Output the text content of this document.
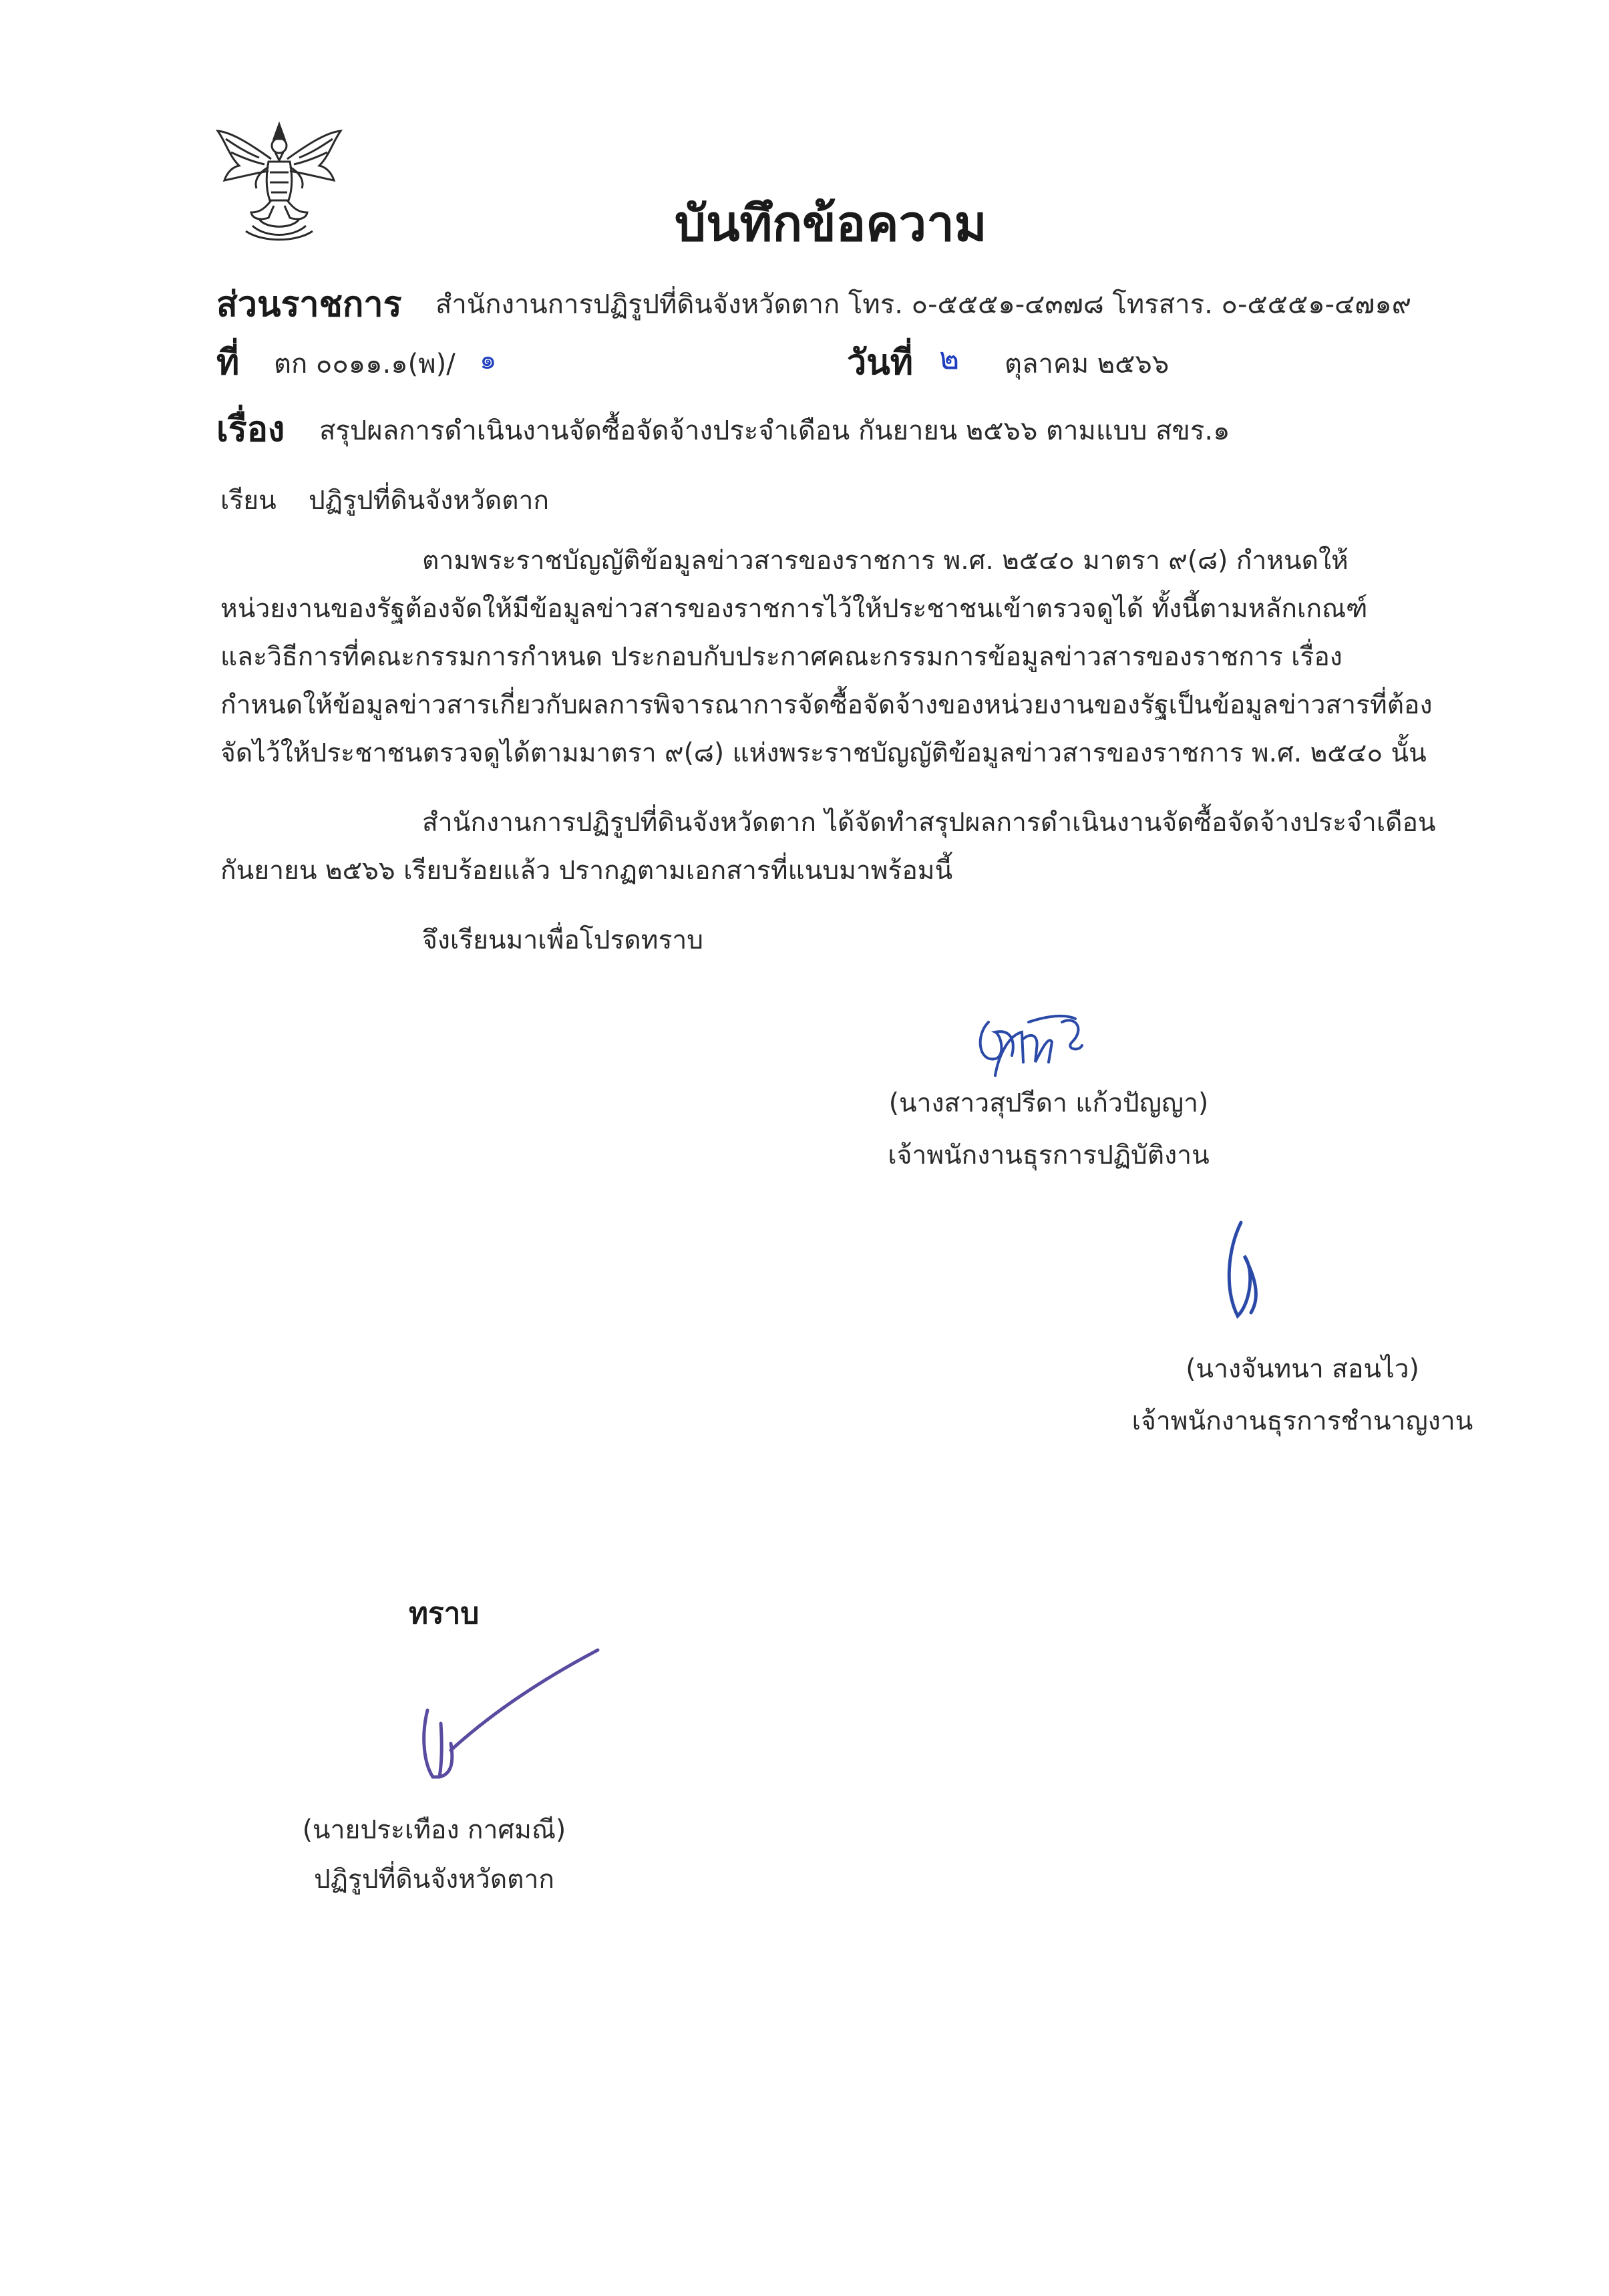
บันทึกข้อความ
ส่วนราชการ สำนักงานการปฏิรูปที่ดินจังหวัดตาก โทร. ๐-๕๕๕๑-๔๓๗๘ โทรสาร. ๐-๕๕๕๑-๔๗๑๙
ที่ ตก ๐๐๑๑.๑(พ)/ ๑	วันที่ ๒ ตุลาคม ๒๕๖๖
เรื่อง สรุปผลการดำเนินงานจัดซื้อจัดจ้างประจำเดือน กันยายน ๒๕๖๖ ตามแบบ สขร.๑
เรียน ปฏิรูปที่ดินจังหวัดตาก
ตามพระราชบัญญัติข้อมูลข่าวสารของราชการ พ.ศ. ๒๕๔๐ มาตรา ๙(๘) กำหนดให้
หน่วยงานของรัฐต้องจัดให้มีข้อมูลข่าวสารของราชการไว้ให้ประชาชนเข้าตรวจดูได้ ทั้งนี้ตามหลักเกณฑ์
และวิธีการที่คณะกรรมการกำหนด ประกอบกับประกาศคณะกรรมการข้อมูลข่าวสารของราชการ เรื่อง
กำหนดให้ข้อมูลข่าวสารเกี่ยวกับผลการพิจารณาการจัดซื้อจัดจ้างของหน่วยงานของรัฐเป็นข้อมูลข่าวสารที่ต้อง
จัดไว้ให้ประชาชนตรวจดูได้ตามมาตรา ๙(๘) แห่งพระราชบัญญัติข้อมูลข่าวสารของราชการ พ.ศ. ๒๕๔๐ นั้น
สำนักงานการปฏิรูปที่ดินจังหวัดตาก ได้จัดทำสรุปผลการดำเนินงานจัดซื้อจัดจ้างประจำเดือน
กันยายน ๒๕๖๖ เรียบร้อยแล้ว ปรากฏตามเอกสารที่แนบมาพร้อมนี้
จึงเรียนมาเพื่อโปรดทราบ
(นางสาวสุปรีดา แก้วปัญญา)
เจ้าพนักงานธุรการปฏิบัติงาน
(นางจันทนา สอนไว)
เจ้าพนักงานธุรการชำนาญงาน
ทราบ
(นายประเทือง กาศมณี)
ปฏิรูปที่ดินจังหวัดตาก
